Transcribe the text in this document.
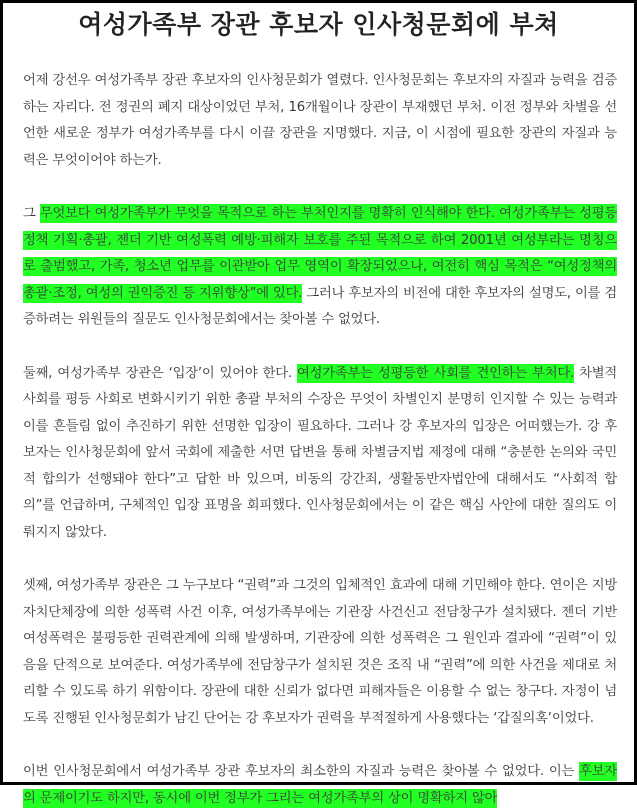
여성가족부 장관 후보자 인사청문회에 부쳐

어제 강선우 여성가족부 장관 후보자의 인사청문회가 열렸다. 인사청문회는 후보자의 자질과 능력을 검증하는 자리다. 전 정권의 폐지 대상이었던 부처, 16개월이나 장관이 부재했던 부처. 이전 정부와 차별을 선언한 새로운 정부가 여성가족부를 다시 이끌 장관을 지명했다. 지금, 이 시점에 필요한 장관의 자질과 능력은 무엇이어야 하는가.

그 무엇보다 여성가족부가 무엇을 목적으로 하는 부처인지를 명확히 인식해야 한다. 여성가족부는 성평등 정책 기획·총괄, 젠더 기반 여성폭력 예방·피해자 보호를 주된 목적으로 하여 2001년 여성부라는 명칭으로 출범했고, 가족, 청소년 업무를 이관받아 업무 영역이 확장되었으나, 여전히 핵심 목적은 “여성정책의 총괄·조정, 여성의 권익증진 등 지위향상”에 있다. 그러나 후보자의 비전에 대한 후보자의 설명도, 이를 검증하려는 위원들의 질문도 인사청문회에서는 찾아볼 수 없었다.

둘째, 여성가족부 장관은 ‘입장’이 있어야 한다. 여성가족부는 성평등한 사회를 견인하는 부처다. 차별적 사회를 평등 사회로 변화시키기 위한 총괄 부처의 수장은 무엇이 차별인지 분명히 인지할 수 있는 능력과 이를 흔들림 없이 추진하기 위한 선명한 입장이 필요하다. 그러나 강 후보자의 입장은 어떠했는가. 강 후보자는 인사청문회에 앞서 국회에 제출한 서면 답변을 통해 차별금지법 제정에 대해 “충분한 논의와 국민적 합의가 선행돼야 한다”고 답한 바 있으며, 비동의 강간죄, 생활동반자법안에 대해서도 “사회적 합의”를 언급하며, 구체적인 입장 표명을 회피했다. 인사청문회에서는 이 같은 핵심 사안에 대한 질의도 이뤄지지 않았다.

셋째, 여성가족부 장관은 그 누구보다 “권력”과 그것의 입체적인 효과에 대해 기민해야 한다. 연이은 지방자치단체장에 의한 성폭력 사건 이후, 여성가족부에는 기관장 사건신고 전담창구가 설치됐다. 젠더 기반 여성폭력은 불평등한 권력관계에 의해 발생하며, 기관장에 의한 성폭력은 그 원인과 결과에 “권력”이 있음을 단적으로 보여준다. 여성가족부에 전담창구가 설치된 것은 조직 내 “권력”에 의한 사건을 제대로 처리할 수 있도록 하기 위함이다. 장관에 대한 신뢰가 없다면 피해자들은 이용할 수 없는 창구다. 자정이 넘도록 진행된 인사청문회가 남긴 단어는 강 후보자가 권력을 부적절하게 사용했다는 ‘갑질의혹’이었다.

이번 인사청문회에서 여성가족부 장관 후보자의 최소한의 자질과 능력은 찾아볼 수 없었다. 이는 후보자의 문제이기도 하지만, 동시에 이번 정부가 그리는 여성가족부의 상이 명확하지 않아
